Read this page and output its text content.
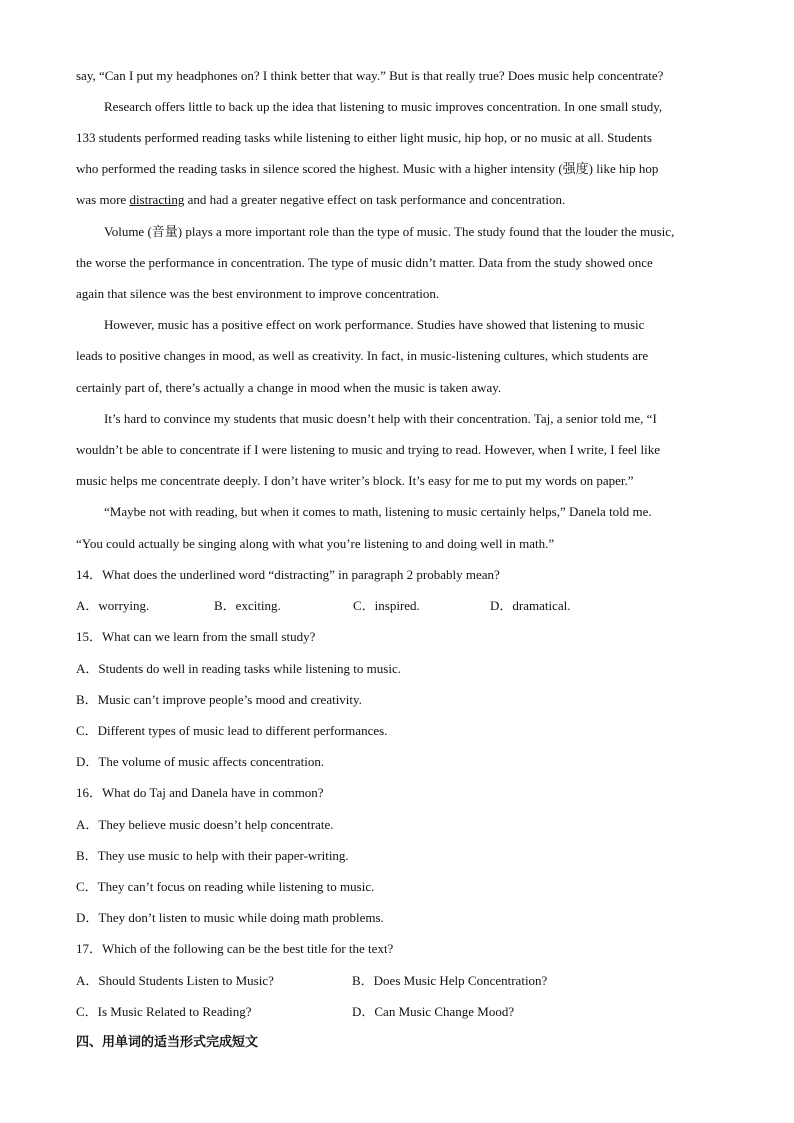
say, “Can I put my headphones on? I think better that way.” But is that really true? Does music help concentrate?
Research offers little to back up the idea that listening to music improves concentration. In one small study,
133 students performed reading tasks while listening to either light music, hip hop, or no music at all. Students
who performed the reading tasks in silence scored the highest. Music with a higher intensity (强度) like hip hop
was more distracting and had a greater negative effect on task performance and concentration.
Volume (音量) plays a more important role than the type of music. The study found that the louder the music,
the worse the performance in concentration. The type of music didn’t matter. Data from the study showed once
again that silence was the best environment to improve concentration.
However, music has a positive effect on work performance. Studies have showed that listening to music
leads to positive changes in mood, as well as creativity. In fact, in music-listening cultures, which students are
certainly part of, there’s actually a change in mood when the music is taken away.
It’s hard to convince my students that music doesn’t help with their concentration. Taj, a senior told me, “I
wouldn’t be able to concentrate if I were listening to music and trying to read. However, when I write, I feel like
music helps me concentrate deeply. I don’t have writer’s block. It’s easy for me to put my words on paper.”
“Maybe not with reading, but when it comes to math, listening to music certainly helps,” Danela told me.
“You could actually be singing along with what you’re listening to and doing well in math.”
14．What does the underlined word “distracting” in paragraph 2 probably mean?
A．worrying.	B．exciting.	C．inspired.	D．dramatical.
15．What can we learn from the small study?
A．Students do well in reading tasks while listening to music.
B．Music can’t improve people’s mood and creativity.
C．Different types of music lead to different performances.
D．The volume of music affects concentration.
16．What do Taj and Danela have in common?
A．They believe music doesn’t help concentrate.
B．They use music to help with their paper-writing.
C．They can’t focus on reading while listening to music.
D．They don’t listen to music while doing math problems.
17．Which of the following can be the best title for the text?
A．Should Students Listen to Music?	B．Does Music Help Concentration?
C．Is Music Related to Reading?	D．Can Music Change Mood?
四、用单词的适当形式完成短文
